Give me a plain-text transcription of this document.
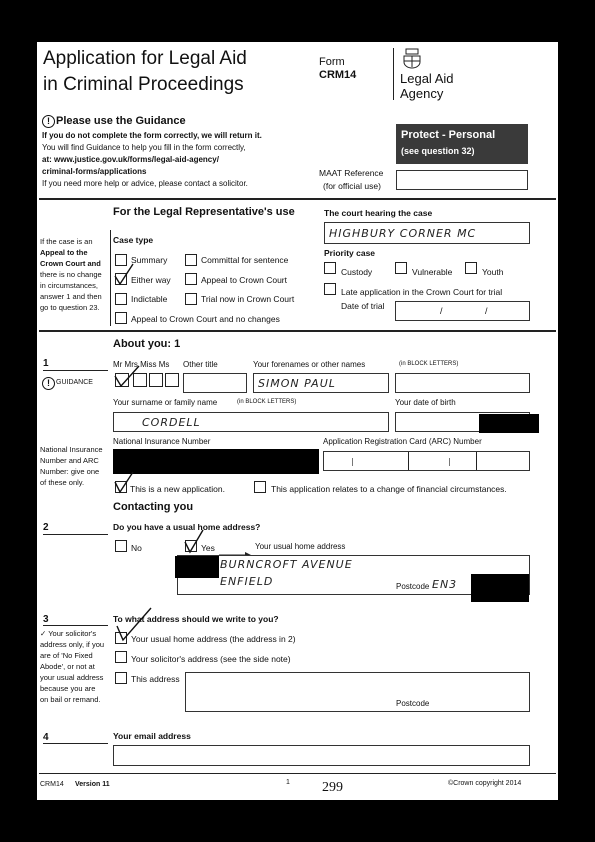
Application for Legal Aid
in Criminal Proceedings
Form
CRM14	Legal Aid
Agency
! Please use the Guidance
If you do not complete the form correctly, we will return it.
You will find Guidance to help you fill in the form correctly,
at: www.justice.gov.uk/forms/legal-aid-agency/
criminal-forms/applications
If you need more help or advice, please contact a solicitor.
Protect - Personal
(see question 32)
MAAT Reference
(for official use)
For the Legal Representative's use	The court hearing the case
HIGHBURY CORNER MC
If the case is an
Appeal to the
Crown Court and
there is no change
in circumstances,
answer 1 and then
go to question 23.
Case type
Summary	Committal for sentence
Either way	Appeal to Crown Court
Indictable	Trial now in Crown Court
Appeal to Crown Court and no changes
Priority case
Custody	Vulnerable	Youth
Late application in the Crown Court for trial
Date of trial	/	/
About you: 1
1
! GUIDANCE
Mr Mrs Miss Ms Other title	Your forenames or other names	(in BLOCK LETTERS)
SIMON PAUL
Your surname or family name	(in BLOCK LETTERS)
CORDELL
Your date of birth
National Insurance
Number and ARC
Number: give one
of these only.
National Insurance Number	Application Registration Card (ARC) Number
This is a new application.	This application relates to a change of financial circumstances.
Contacting you
2	Do you have a usual home address?
No	Yes	Your usual home address
BURNCROFT AVENUE
ENFIELD	Postcode EN3
3
✓ Your solicitor's
address only, if you
are of 'No Fixed
Abode', or not at
your usual address
because you are
on bail or remand.
To what address should we write to you?
Your usual home address (the address in 2)
Your solicitor's address (see the side note)
This address
Postcode
4	Your email address
CRM14 Version 11	1 299	©Crown copyright 2014
